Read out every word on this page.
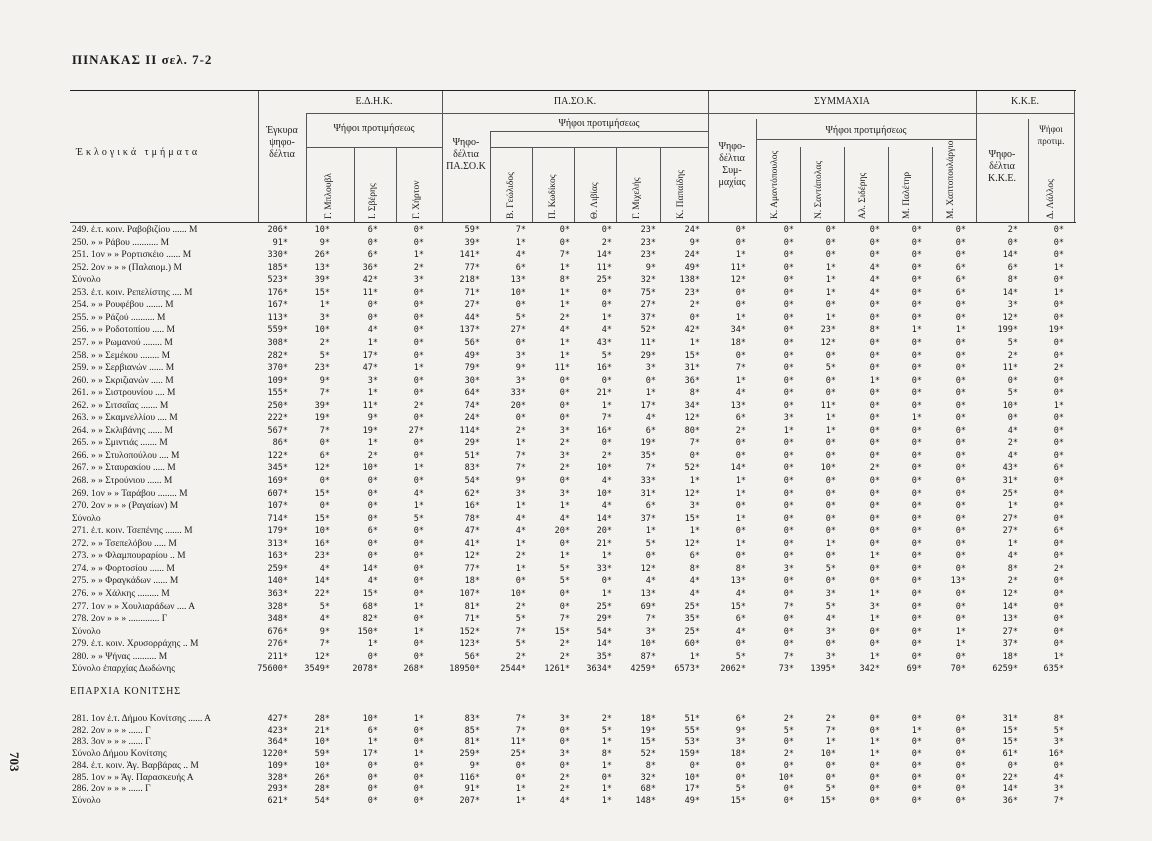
ΠΙΝΑΚΑΣ ΙΙ σελ. 7-2
Έκλογικά τμήματα
Έγκυρα ψηφο-δέλτια
Ε.Δ.Η.Κ.
Ψήφοι προτιμήσεως
Γ. Μπλουβλ	Ι. Σβέρης	Γ. Χήρτον
ΠΑ.ΣΟ.Κ.
Ψηφο-δέλτια ΠΑ.ΣΟ.Κ
Ψήφοι προτιμήσεως
Β. Γεώλιδος	Π. Κωδίκος	Θ. Λιβίας	Γ. Μιχελής	Κ. Παπαίδης
ΣΥΜΜΑΧΙΑ
Ψηφο-δέλτια Συμ-μαχίας
Ψήφοι προτιμήσεως
Κ. Αμαντόπουλος	Ν. Σαντάπολας	Αλ. Σιδέρης	Μ. Παλέτηρ	Μ. Χαπτοπουλάργιο
Κ.Κ.Ε.
Ψηφο-δέλτια Κ.Κ.Ε.
Ψήφοι προτιμ.
Δ. Λάλλος
249. ἐ.τ. κοιν. Ραβοβιζίου ...... Μ	206*	10*	6*	0*	59*	7*	0*	0*	23*	24*	0*	0*	0*	0*	0*	0*	2*	0*
250. » » Ράβου ........... Μ	91*	9*	0*	0*	39*	1*	0*	2*	23*	9*	0*	0*	0*	0*	0*	0*	0*	0*
251. 1ον » » Ρορτισκέιο ...... Μ	330*	26*	6*	1*	141*	4*	7*	14*	23*	24*	1*	0*	0*	0*	0*	0*	14*	0*
252. 2ον » » » (Παλαιομ.) Μ	185*	13*	36*	2*	77*	6*	1*	11*	9*	49*	11*	0*	1*	4*	0*	6*	6*	1*
Σύνολο	523*	39*	42*	3*	218*	13*	8*	25*	32*	138*	12*	0*	1*	4*	0*	6*	8*	0*
253. ἐ.τ. κοιν. Ρεπελίστης .... Μ	176*	15*	11*	0*	71*	10*	1*	0*	75*	23*	0*	0*	1*	4*	0*	6*	14*	1*
254. » » Ρουφέβου ....... Μ	167*	1*	0*	0*	27*	0*	1*	0*	27*	2*	0*	0*	0*	0*	0*	0*	3*	0*
255. » » Ράζού .......... Μ	113*	3*	0*	0*	44*	5*	2*	1*	37*	0*	1*	0*	1*	0*	0*	0*	12*	0*
256. » » Ροδοτοπίου ..... Μ	559*	10*	4*	0*	137*	27*	4*	4*	52*	42*	34*	0*	23*	8*	1*	1*	199*	19*
257. » » Ρωμανού ........ Μ	308*	2*	1*	0*	56*	0*	1*	43*	11*	1*	18*	0*	12*	0*	0*	0*	5*	0*
258. » » Σεμέκου ........ Μ	282*	5*	17*	0*	49*	3*	1*	5*	29*	15*	0*	0*	0*	0*	0*	0*	2*	0*
259. » » Σερβιανών ...... Μ	370*	23*	47*	1*	79*	9*	11*	16*	3*	31*	7*	0*	5*	0*	0*	0*	11*	2*
260. » » Σκριζιανών ..... Μ	109*	9*	3*	0*	30*	3*	0*	0*	0*	36*	1*	0*	0*	1*	0*	0*	0*	0*
261. » » Σιστρουνίου .... Μ	155*	7*	1*	0*	64*	33*	0*	21*	1*	8*	4*	0*	0*	0*	0*	0*	5*	0*
262. » » Σιτσαΐας ....... Μ	250*	39*	11*	2*	74*	20*	0*	1*	17*	34*	13*	0*	11*	0*	0*	0*	10*	1*
263. » » Σκαμνελλίου .... Μ	222*	19*	9*	0*	24*	0*	0*	7*	4*	12*	6*	3*	1*	0*	1*	0*	0*	0*
264. » » Σκλιβάνης ...... Μ	567*	7*	19*	27*	114*	2*	3*	16*	6*	80*	2*	1*	1*	0*	0*	0*	4*	0*
265. » » Σμιντιάς ....... Μ	86*	0*	1*	0*	29*	1*	2*	0*	19*	7*	0*	0*	0*	0*	0*	0*	2*	0*
266. » » Στυλοπούλου .... Μ	122*	6*	2*	0*	51*	7*	3*	2*	35*	0*	0*	0*	0*	0*	0*	0*	4*	0*
267. » » Σταυρακίου ..... Μ	345*	12*	10*	1*	83*	7*	2*	10*	7*	52*	14*	0*	10*	2*	0*	0*	43*	6*
268. » » Στρούνιου ...... Μ	169*	0*	0*	0*	54*	9*	0*	4*	33*	1*	1*	0*	0*	0*	0*	0*	31*	0*
269. 1ον » » Ταράβου ........ Μ	607*	15*	0*	4*	62*	3*	3*	10*	31*	12*	1*	0*	0*	0*	0*	0*	25*	0*
270. 2ον » » » (Ραγαίων) Μ	107*	0*	0*	1*	16*	1*	1*	4*	6*	3*	0*	0*	0*	0*	0*	0*	1*	0*
Σύνολο	714*	15*	0*	5*	78*	4*	4*	14*	37*	15*	1*	0*	0*	0*	0*	0*	27*	0*
271. ἐ.τ. κοιν. Τσεπένης ....... Μ	179*	10*	6*	0*	47*	4*	20*	20*	1*	1*	0*	0*	0*	0*	0*	0*	27*	6*
272. » » Τσεπελόβου ..... Μ	313*	16*	0*	0*	41*	1*	0*	21*	5*	12*	1*	0*	1*	0*	0*	0*	1*	0*
273. » » Φλαμπουραρίου .. Μ	163*	23*	0*	0*	12*	2*	1*	1*	0*	6*	0*	0*	0*	1*	0*	0*	4*	0*
274. » » Φορτοσίου ...... Μ	259*	4*	14*	0*	77*	1*	5*	33*	12*	8*	8*	3*	5*	0*	0*	0*	8*	2*
275. » » Φραγκάδων ...... Μ	140*	14*	4*	0*	18*	0*	5*	0*	4*	4*	13*	0*	0*	0*	0*	13*	2*	0*
276. » » Χάλκης ......... Μ	363*	22*	15*	0*	107*	10*	0*	1*	13*	4*	4*	0*	3*	1*	0*	0*	12*	0*
277. 1ον » » Χουλιαράδων .... Α	328*	5*	68*	1*	81*	2*	0*	25*	69*	25*	15*	7*	5*	3*	0*	0*	14*	0*
278. 2ον » » » ............. Γ	348*	4*	82*	0*	71*	5*	7*	29*	7*	35*	6*	0*	4*	1*	0*	0*	13*	0*
Σύνολο	676*	9*	150*	1*	152*	7*	15*	54*	3*	25*	4*	0*	3*	0*	0*	1*	27*	0*
279. ἐ.τ. κοιν. Χρυσορράχης .. Μ	276*	7*	1*	0*	123*	5*	2*	14*	10*	60*	0*	0*	0*	0*	0*	1*	37*	0*
280. » » Ψήνας .......... Μ	211*	12*	0*	0*	56*	2*	2*	35*	87*	1*	5*	7*	3*	1*	0*	0*	18*	1*
Σύνολο ἐπαρχίας Δωδώνης	75600* 3549*	2078*	268*	18950* 2544* 1261* 3634* 4259* 6573* 2062*	73* 1395*	342*	69*	70*	6259*	635*
ΕΠΑΡΧΙΑ ΚΟΝΙΤΣΗΣ
281. 1ον ἐ.τ. Δήμου Κονίτσης ...... Α	427*	28*	10*	1*	83*	7*	3*	2*	18*	51*	6*	2*	2*	0*	0*	0*	31*	8*
282. 2ον » » » ...... Γ	423*	21*	6*	0*	85*	7*	0*	5*	19*	55*	9*	5*	7*	0*	1*	0*	15*	5*
283. 3ον » » » ...... Γ	364*	10*	1*	0*	81*	11*	0*	1*	15*	53*	3*	0*	1*	1*	0*	0*	15*	3*
Σύνολο Δήμου Κονίτσης	1220*	59*	17*	1*	259*	25*	3*	8*	52*	159*	18*	2*	10*	1*	0*	0*	61*	16*
284. ἐ.τ. κοιν. Άγ. Βαρβάρας .. Μ	109*	10*	0*	0*	9*	0*	0*	1*	8*	0*	0*	0*	0*	0*	0*	0*	0*	0*
285. 1ον » » Άγ. Παρασκευής Α	328*	26*	0*	0*	116*	0*	2*	0*	32*	10*	0*	10*	0*	0*	0*	0*	22*	4*
286. 2ον » » » ...... Γ	293*	28*	0*	0*	91*	1*	2*	1*	68*	17*	5*	0*	5*	0*	0*	0*	14*	3*
Σύνολο	621*	54*	0*	0*	207*	1*	4*	1*	148*	49*	15*	0*	15*	0*	0*	0*	36*	7*
703
